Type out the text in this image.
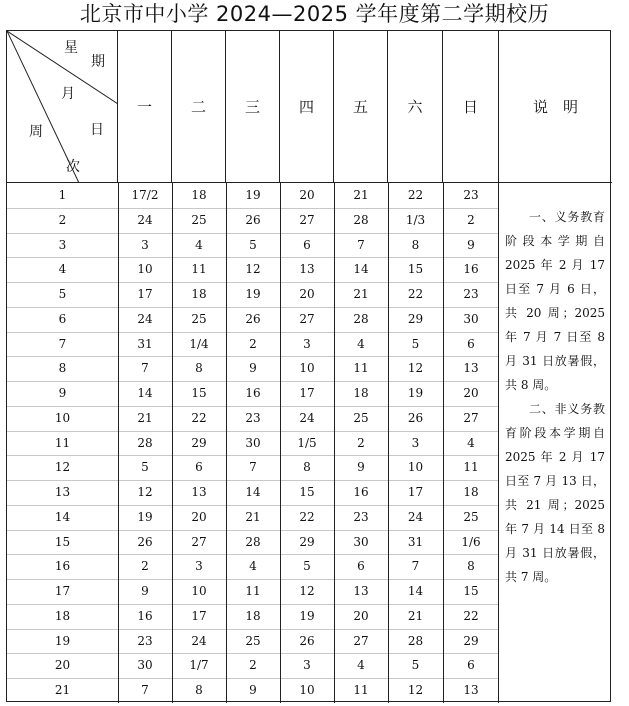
北京市中小学 2024—2025 学年度第二学期校历
星
期
月
日
周
次
一	二	三	四	五	六	日	说　明
1	17/2	18	19	20	21	22	23
2	24	25	26	27	28	1/3	2
3	3	4	5	6	7	8	9
4	10	11	12	13	14	15	16
5	17	18	19	20	21	22	23
6	24	25	26	27	28	29	30
7	31	1/4	2	3	4	5	6
8	7	8	9	10	11	12	13
9	14	15	16	17	18	19	20
10	21	22	23	24	25	26	27
11	28	29	30	1/5	2	3	4
12	5	6	7	8	9	10	11
13	12	13	14	15	16	17	18
14	19	20	21	22	23	24	25
15	26	27	28	29	30	31	1/6
16	2	3	4	5	6	7	8
17	9	10	11	12	13	14	15
18	16	17	18	19	20	21	22
19	23	24	25	26	27	28	29
20	30	1/7	2	3	4	5	6
21	7	8	9	10	11	12	13

一、义务教育阶段本学期自 2025 年 2 月 17 日至 7 月 6 日，共 20 周；2025 年 7 月 7 日至 8 月 31 日放暑假，共 8 周。

二、非义务教育阶段本学期自 2025 年 2 月 17 日至 7 月 13 日，共 21 周；2025 年 7 月 14 日至 8 月 31 日放暑假，共 7 周。
